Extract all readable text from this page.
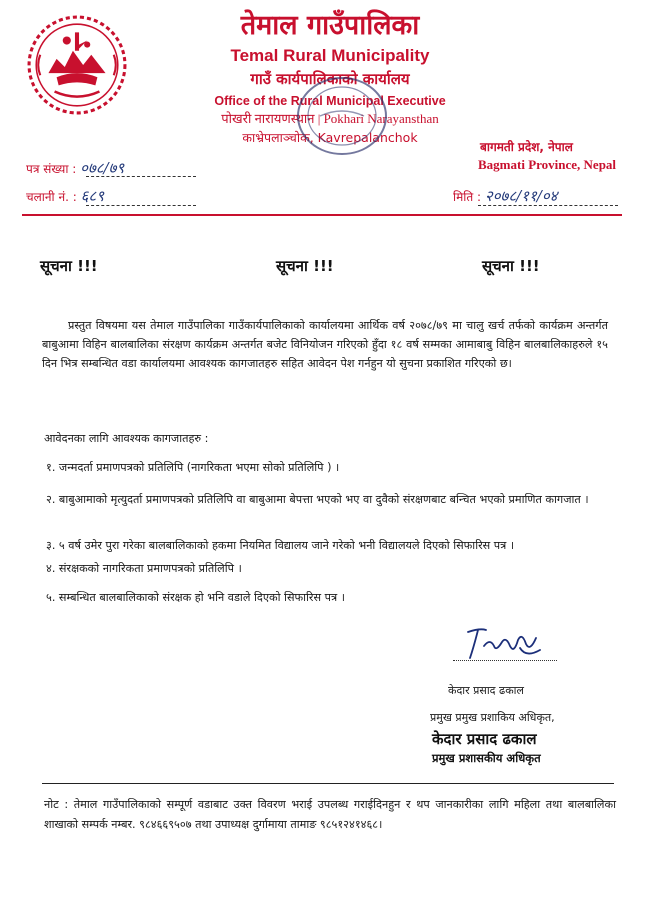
तेमाल गाउँपालिका
Temal Rural Municipality
गाउँ कार्यपालिकाको कार्यालय
Office of the Rural Municipal Executive
पोखरी नारायणस्थान | Pokhari Narayansthan
काभ्रेपलाञ्चोक, Kavrepalanchok
बागमती प्रदेश, नेपाल
Bagmati Province, Nepal
पत्र संख्या : ०७८/७९
चलानी नं. : ६८९	मिति : २०७८/११/०४
सूचना !!!	सूचना !!!	सूचना !!!
प्रस्तुत विषयमा यस तेमाल गाउँपालिका गाउँकार्यपालिकाको कार्यालयमा आर्थिक वर्ष २०७८/७९ मा चालु खर्च तर्फको कार्यक्रम अन्तर्गत बाबुआमा विहिन बालबालिका संरक्षण कार्यक्रम अन्तर्गत बजेट विनियोजन गरिएको हुँदा १८ वर्ष सम्मका आमाबाबु विहिन बालबालिकाहरुले १५ दिन भित्र सम्बन्धित वडा कार्यालयमा आवश्यक कागजातहरु सहित आवेदन पेश गर्नहुन यो सुचना प्रकाशित गरिएको छ।
आवेदनका लागि आवश्यक कागजातहरु :
१. जन्मदर्ता प्रमाणपत्रको प्रतिलिपि (नागरिकता भएमा सोको प्रतिलिपि ) ।
२. बाबुआमाको मृत्युदर्ता प्रमाणपत्रको प्रतिलिपि वा बाबुआमा बेपत्ता भएको भए वा दुवैको संरक्षणबाट बन्चित भएको प्रमाणित कागजात ।
३. ५ वर्ष उमेर पुरा गरेका बालबालिकाको हकमा नियमित विद्यालय जाने गरेको भनी विद्यालयले दिएको सिफारिस पत्र ।
४. संरक्षकको नागरिकता प्रमाणपत्रको प्रतिलिपि ।
५. सम्बन्धित बालबालिकाको संरक्षक हो भनि वडाले दिएको सिफारिस पत्र ।
केदार प्रसाद ढकाल
प्रमुख प्रमुख प्रशाकिय अधिकृत,
केदार प्रसाद ढकाल
प्रमुख प्रशासकीय अधिकृत
नोट : तेमाल गाउँपालिकाको सम्पूर्ण वडाबाट उक्त विवरण भराई उपलब्ध गराईदिनहुन र थप जानकारीका लागि महिला तथा बालबालिका शाखाको सम्पर्क नम्बर. ९८४६६९५०७ तथा उपाध्यक्ष दुर्गामाया तामाङ ९८५१२४१४६८।
